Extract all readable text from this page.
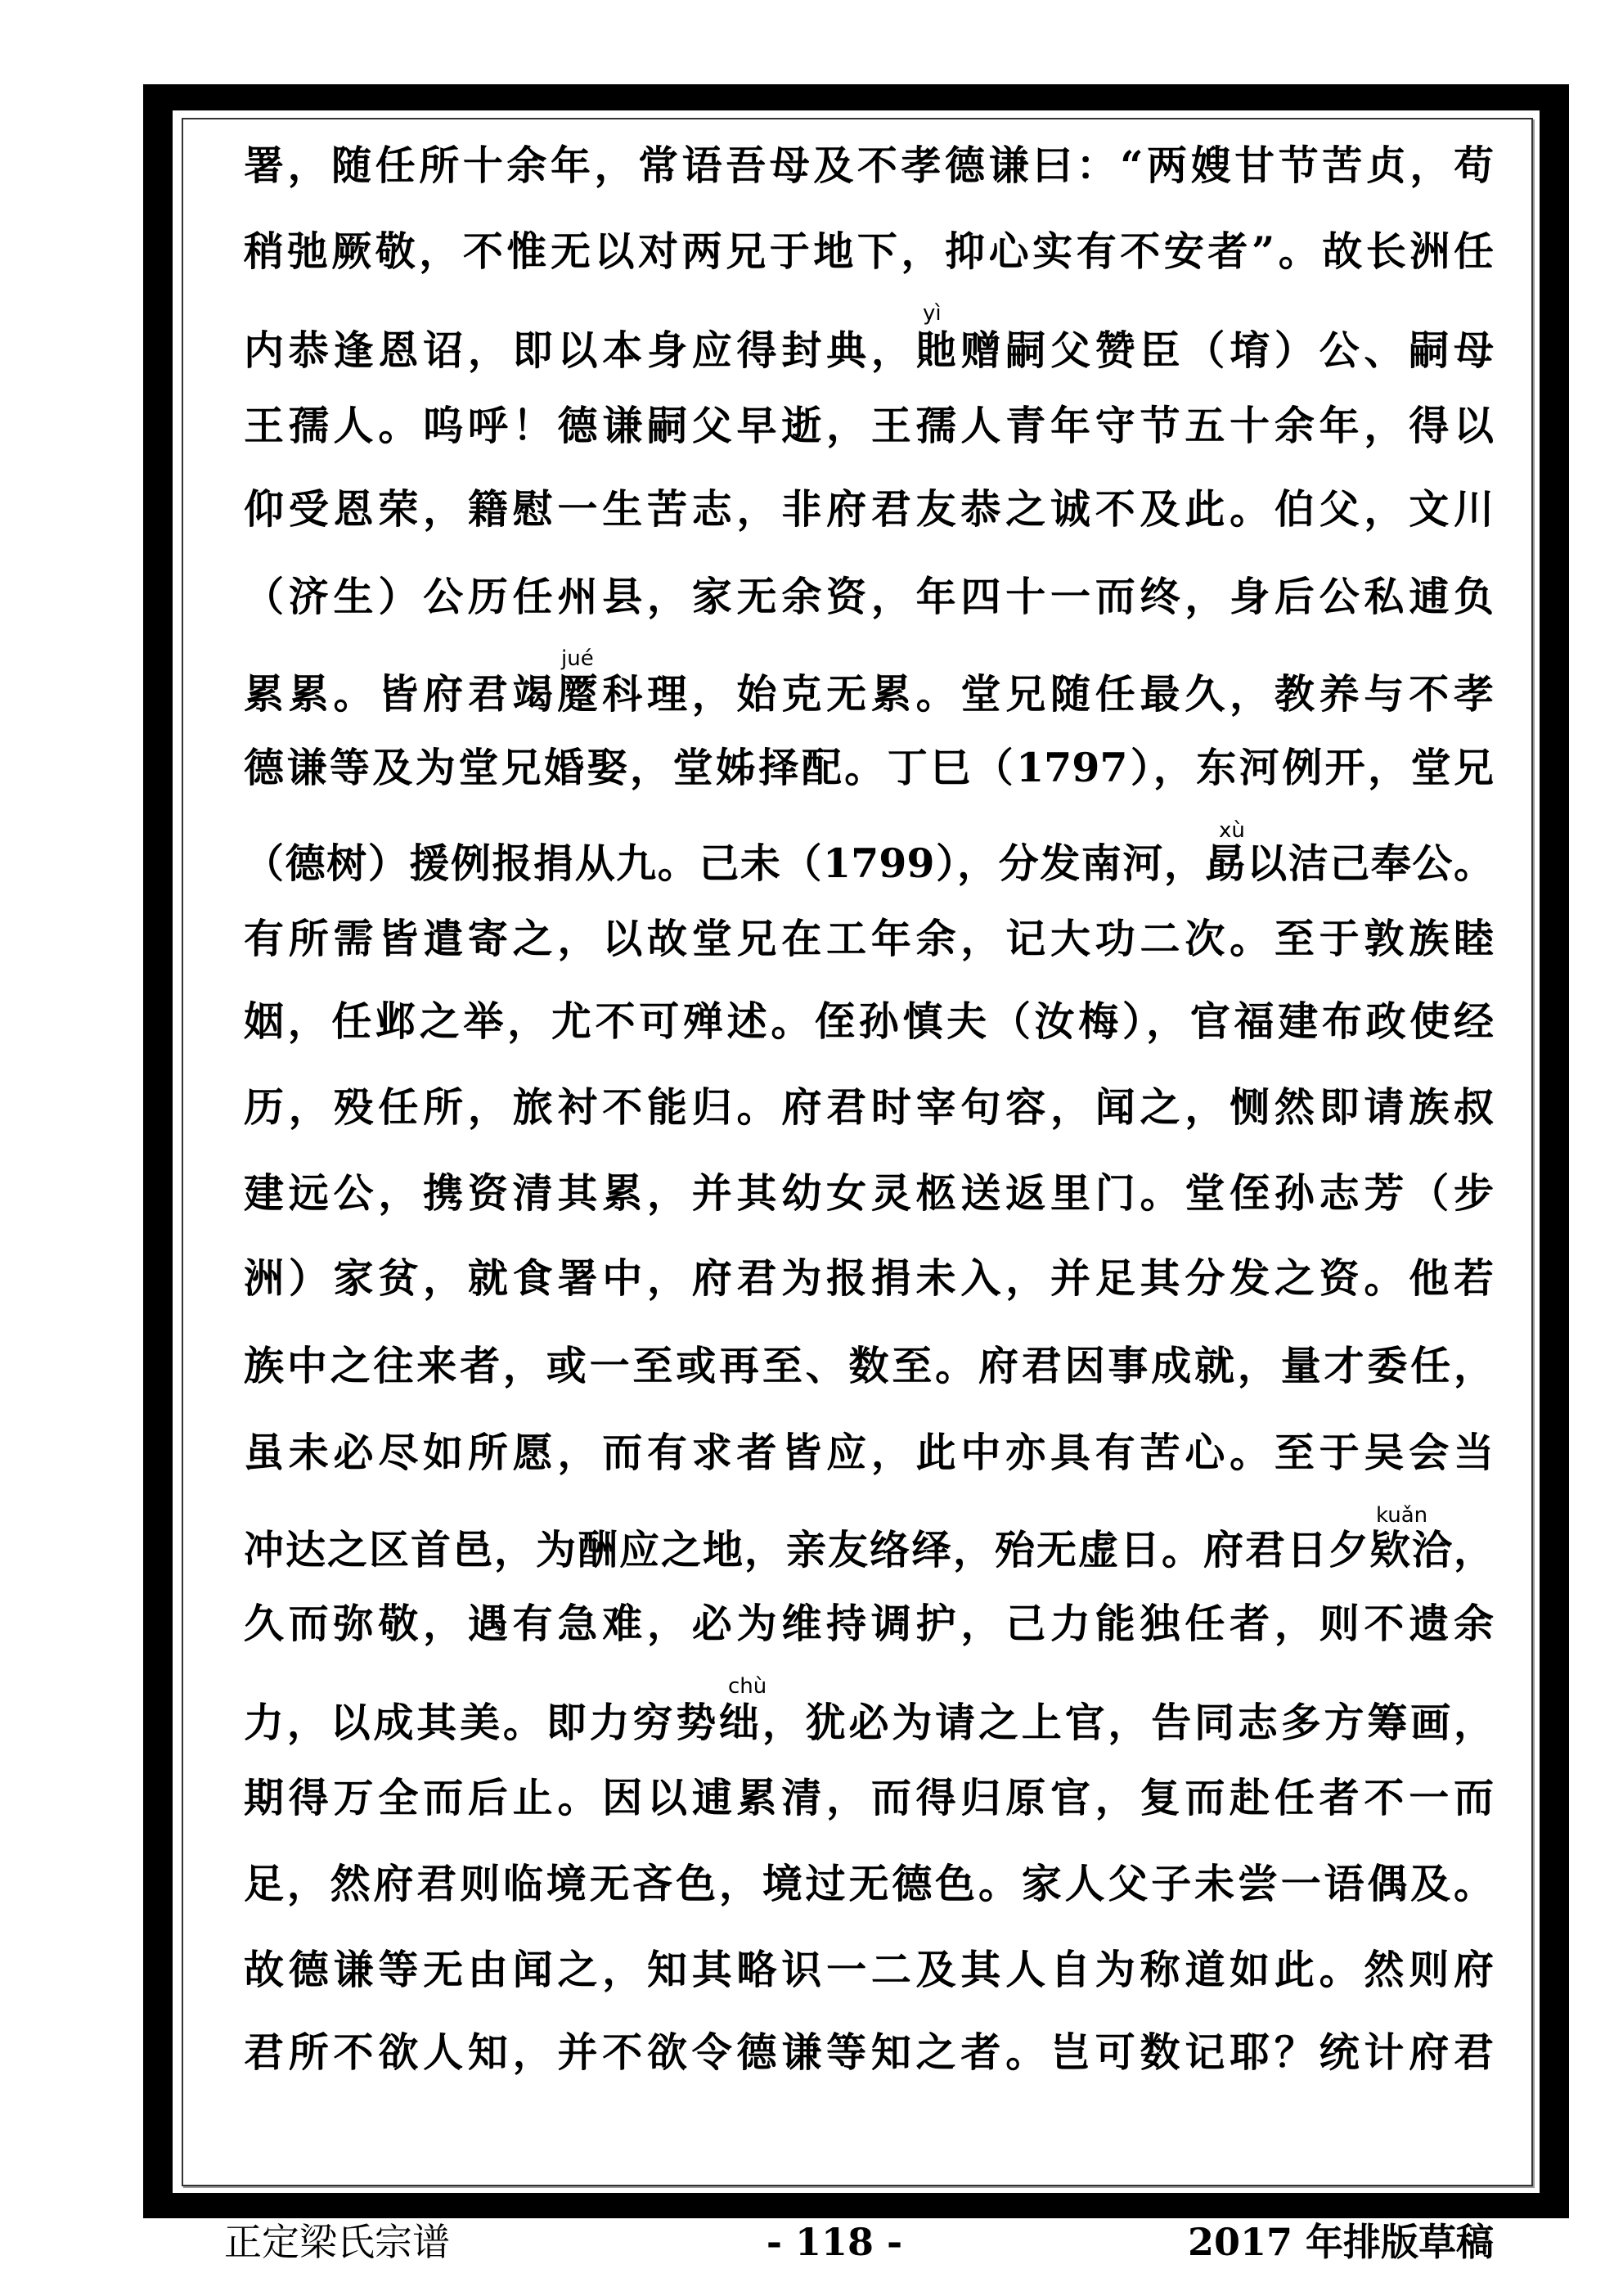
署，随任所十余年，常语吾母及不孝德谦曰：“两嫂甘节苦贞，苟
稍弛厥敬，不惟无以对两兄于地下，抑心实有不安者”。故长洲任
内恭逢恩诏，即以本身应得封典，貤赠嗣父赞臣（堉）公、嗣母
王孺人。呜呼！德谦嗣父早逝，王孺人青年守节五十余年，得以
仰受恩荣，籍慰一生苦志，非府君友恭之诚不及此。伯父，文川
（济生）公历任州县，家无余资，年四十一而终，身后公私逋负
累累。皆府君竭蹷科理，始克无累。堂兄随任最久，教养与不孝
德谦等及为堂兄婚娶，堂姊择配。丁巳（1797），东河例开，堂兄
（德树）援例报捐从九。己未（1799），分发南河，勗以洁己奉公。
有所需皆遣寄之，以故堂兄在工年余，记大功二次。至于敦族睦
姻，任邺之举，尤不可殚述。侄孙慎夫（汝梅），官福建布政使经
历，殁任所，旅衬不能归。府君时宰句容，闻之，恻然即请族叔
建远公，携资清其累，并其幼女灵柩送返里门。堂侄孙志芳（步
洲）家贫，就食署中，府君为报捐未入，并足其分发之资。他若
族中之往来者，或一至或再至、数至。府君因事成就，量才委任，
虽未必尽如所愿，而有求者皆应，此中亦具有苦心。至于吴会当
冲达之区首邑，为酬应之地，亲友络绎，殆无虚日。府君日夕欵洽，
久而弥敬，遇有急难，必为维持调护，己力能独任者，则不遗余
力，以成其美。即力穷势绌，犹必为请之上官，告同志多方筹画，
期得万全而后止。因以逋累清，而得归原官，复而赴任者不一而
足，然府君则临境无吝色，境过无德色。家人父子未尝一语偶及。
故德谦等无由闻之，知其略识一二及其人自为称道如此。然则府
君所不欲人知，并不欲令德谦等知之者。岂可数记耶？统计府君
yì
jué
xù
kuǎn
chù
正定梁氏宗谱	- 118 -	2017 年排版草稿
